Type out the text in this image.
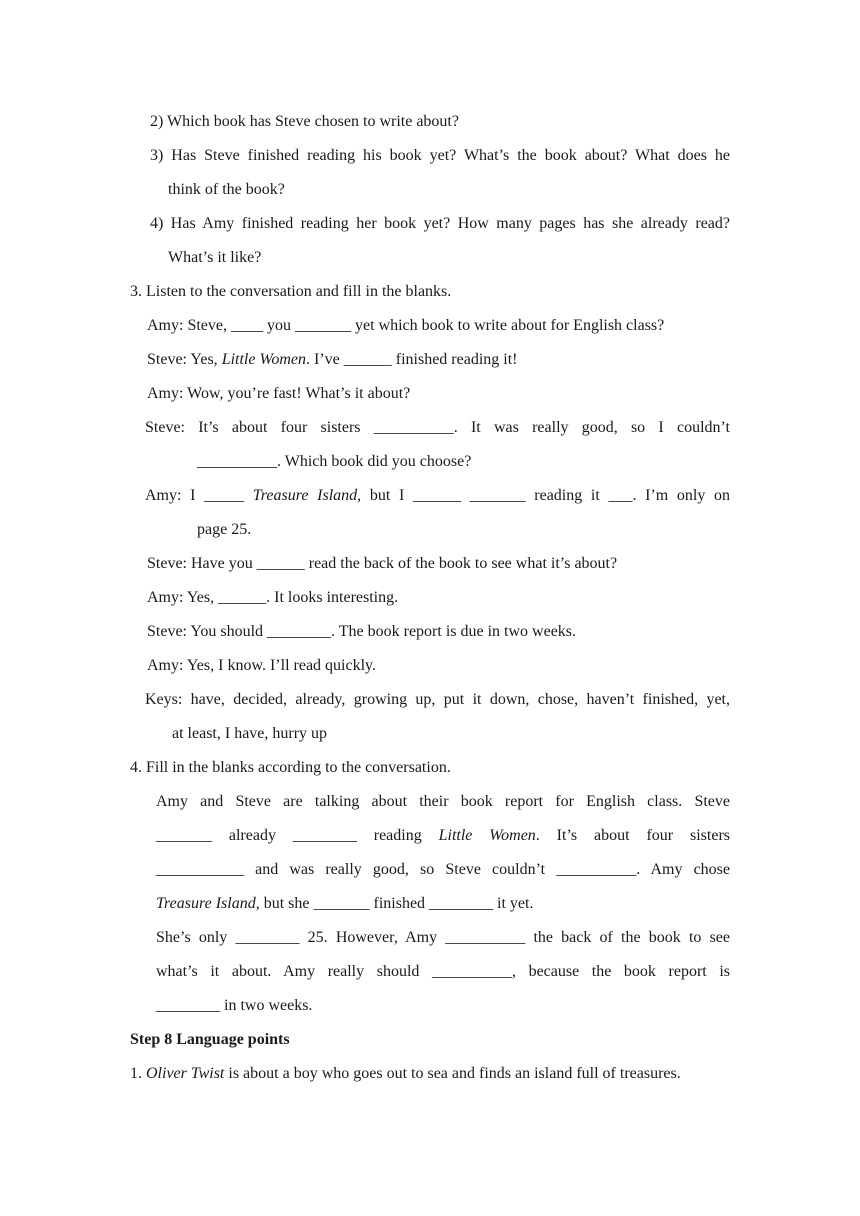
2) Which book has Steve chosen to write about?
3) Has Steve finished reading his book yet? What’s the book about? What does he
think of the book?
4) Has Amy finished reading her book yet? How many pages has she already read?
What’s it like?
3. Listen to the conversation and fill in the blanks.
Amy: Steve, ____ you _______ yet which book to write about for English class?
Steve: Yes, Little Women. I’ve ______ finished reading it!
Amy: Wow, you’re fast! What’s it about?
Steve: It’s about four sisters __________. It was really good, so I couldn’t
__________. Which book did you choose?
Amy: I _____ Treasure Island, but I ______ _______ reading it ___. I’m only on
page 25.
Steve: Have you ______ read the back of the book to see what it’s about?
Amy: Yes, ______. It looks interesting.
Steve: You should ________. The book report is due in two weeks.
Amy: Yes, I know. I’ll read quickly.
Keys: have, decided, already, growing up, put it down, chose, haven’t finished, yet,
at least, I have, hurry up
4. Fill in the blanks according to the conversation.
Amy and Steve are talking about their book report for English class. Steve
_______ already ________ reading Little Women. It’s about four sisters
___________ and was really good, so Steve couldn’t __________. Amy chose
Treasure Island, but she _______ finished ________ it yet.
She’s only ________ 25. However, Amy __________ the back of the book to see
what’s it about. Amy really should __________, because the book report is
________ in two weeks.
Step 8 Language points
1. Oliver Twist is about a boy who goes out to sea and finds an island full of treasures.
